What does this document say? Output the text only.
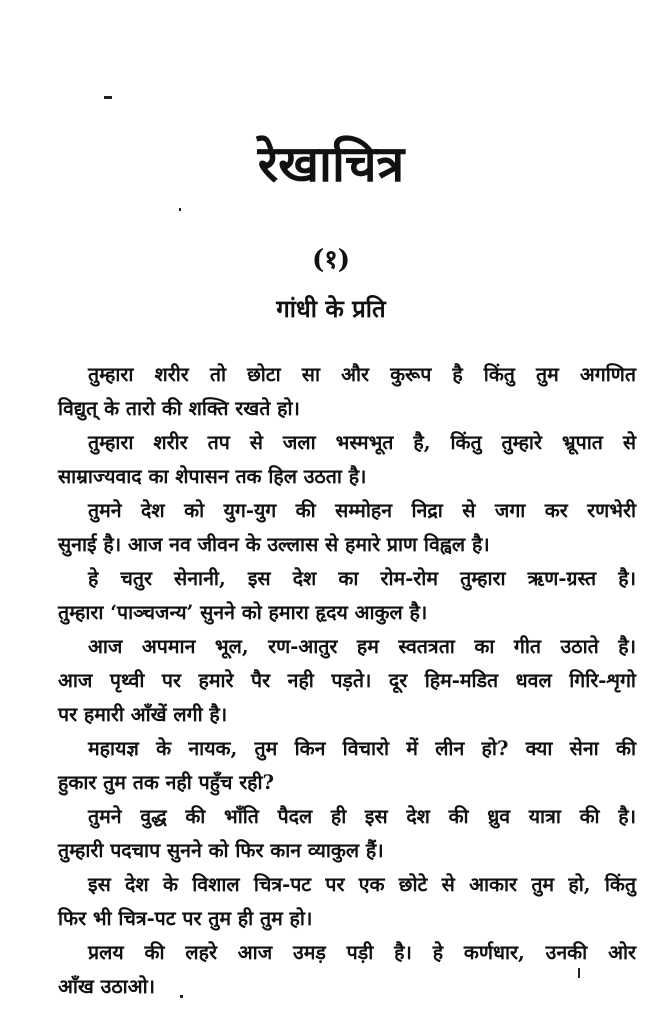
रेखाचित्र
(१)
गांधी के प्रति
तुम्हारा शरीर तो छोटा सा और कुरूप है किंतु तुम अगणित
विद्युत् के तारो की शक्ति रखते हो।
तुम्हारा शरीर तप से जला भस्मभूत है, किंतु तुम्हारे भ्रूपात से
साम्राज्यवाद का शेपासन तक हिल उठता है।
तुमने देश को युग-युग की सम्मोहन निद्रा से जगा कर रणभेरी
सुनाई है। आज नव जीवन के उल्लास से हमारे प्राण विह्वल है।
हे चतुर सेनानी, इस देश का रोम-रोम तुम्हारा ऋण-ग्रस्त है।
तुम्हारा ‘पाञ्चजन्य’ सुनने को हमारा हृदय आकुल है।
आज अपमान भूल, रण-आतुर हम स्वतत्रता का गीत उठाते है।
आज पृथ्वी पर हमारे पैर नही पड़ते। दूर हिम-मडित धवल गिरि-शृगो
पर हमारी आँखें लगी है।
महायज्ञ के नायक, तुम किन विचारो में लीन हो? क्या सेना की
हुकार तुम तक नही पहुँच रही?
तुमने वुद्ध की भाँति पैदल ही इस देश की ध्रुव यात्रा की है।
तुम्हारी पदचाप सुनने को फिर कान व्याकुल हैं।
इस देश के विशाल चित्र-पट पर एक छोटे से आकार तुम हो, किंतु
फिर भी चित्र-पट पर तुम ही तुम हो।
प्रलय की लहरे आज उमड़ पड़ी है। हे कर्णधार, उनकी ओर
आँख उठाओ।
